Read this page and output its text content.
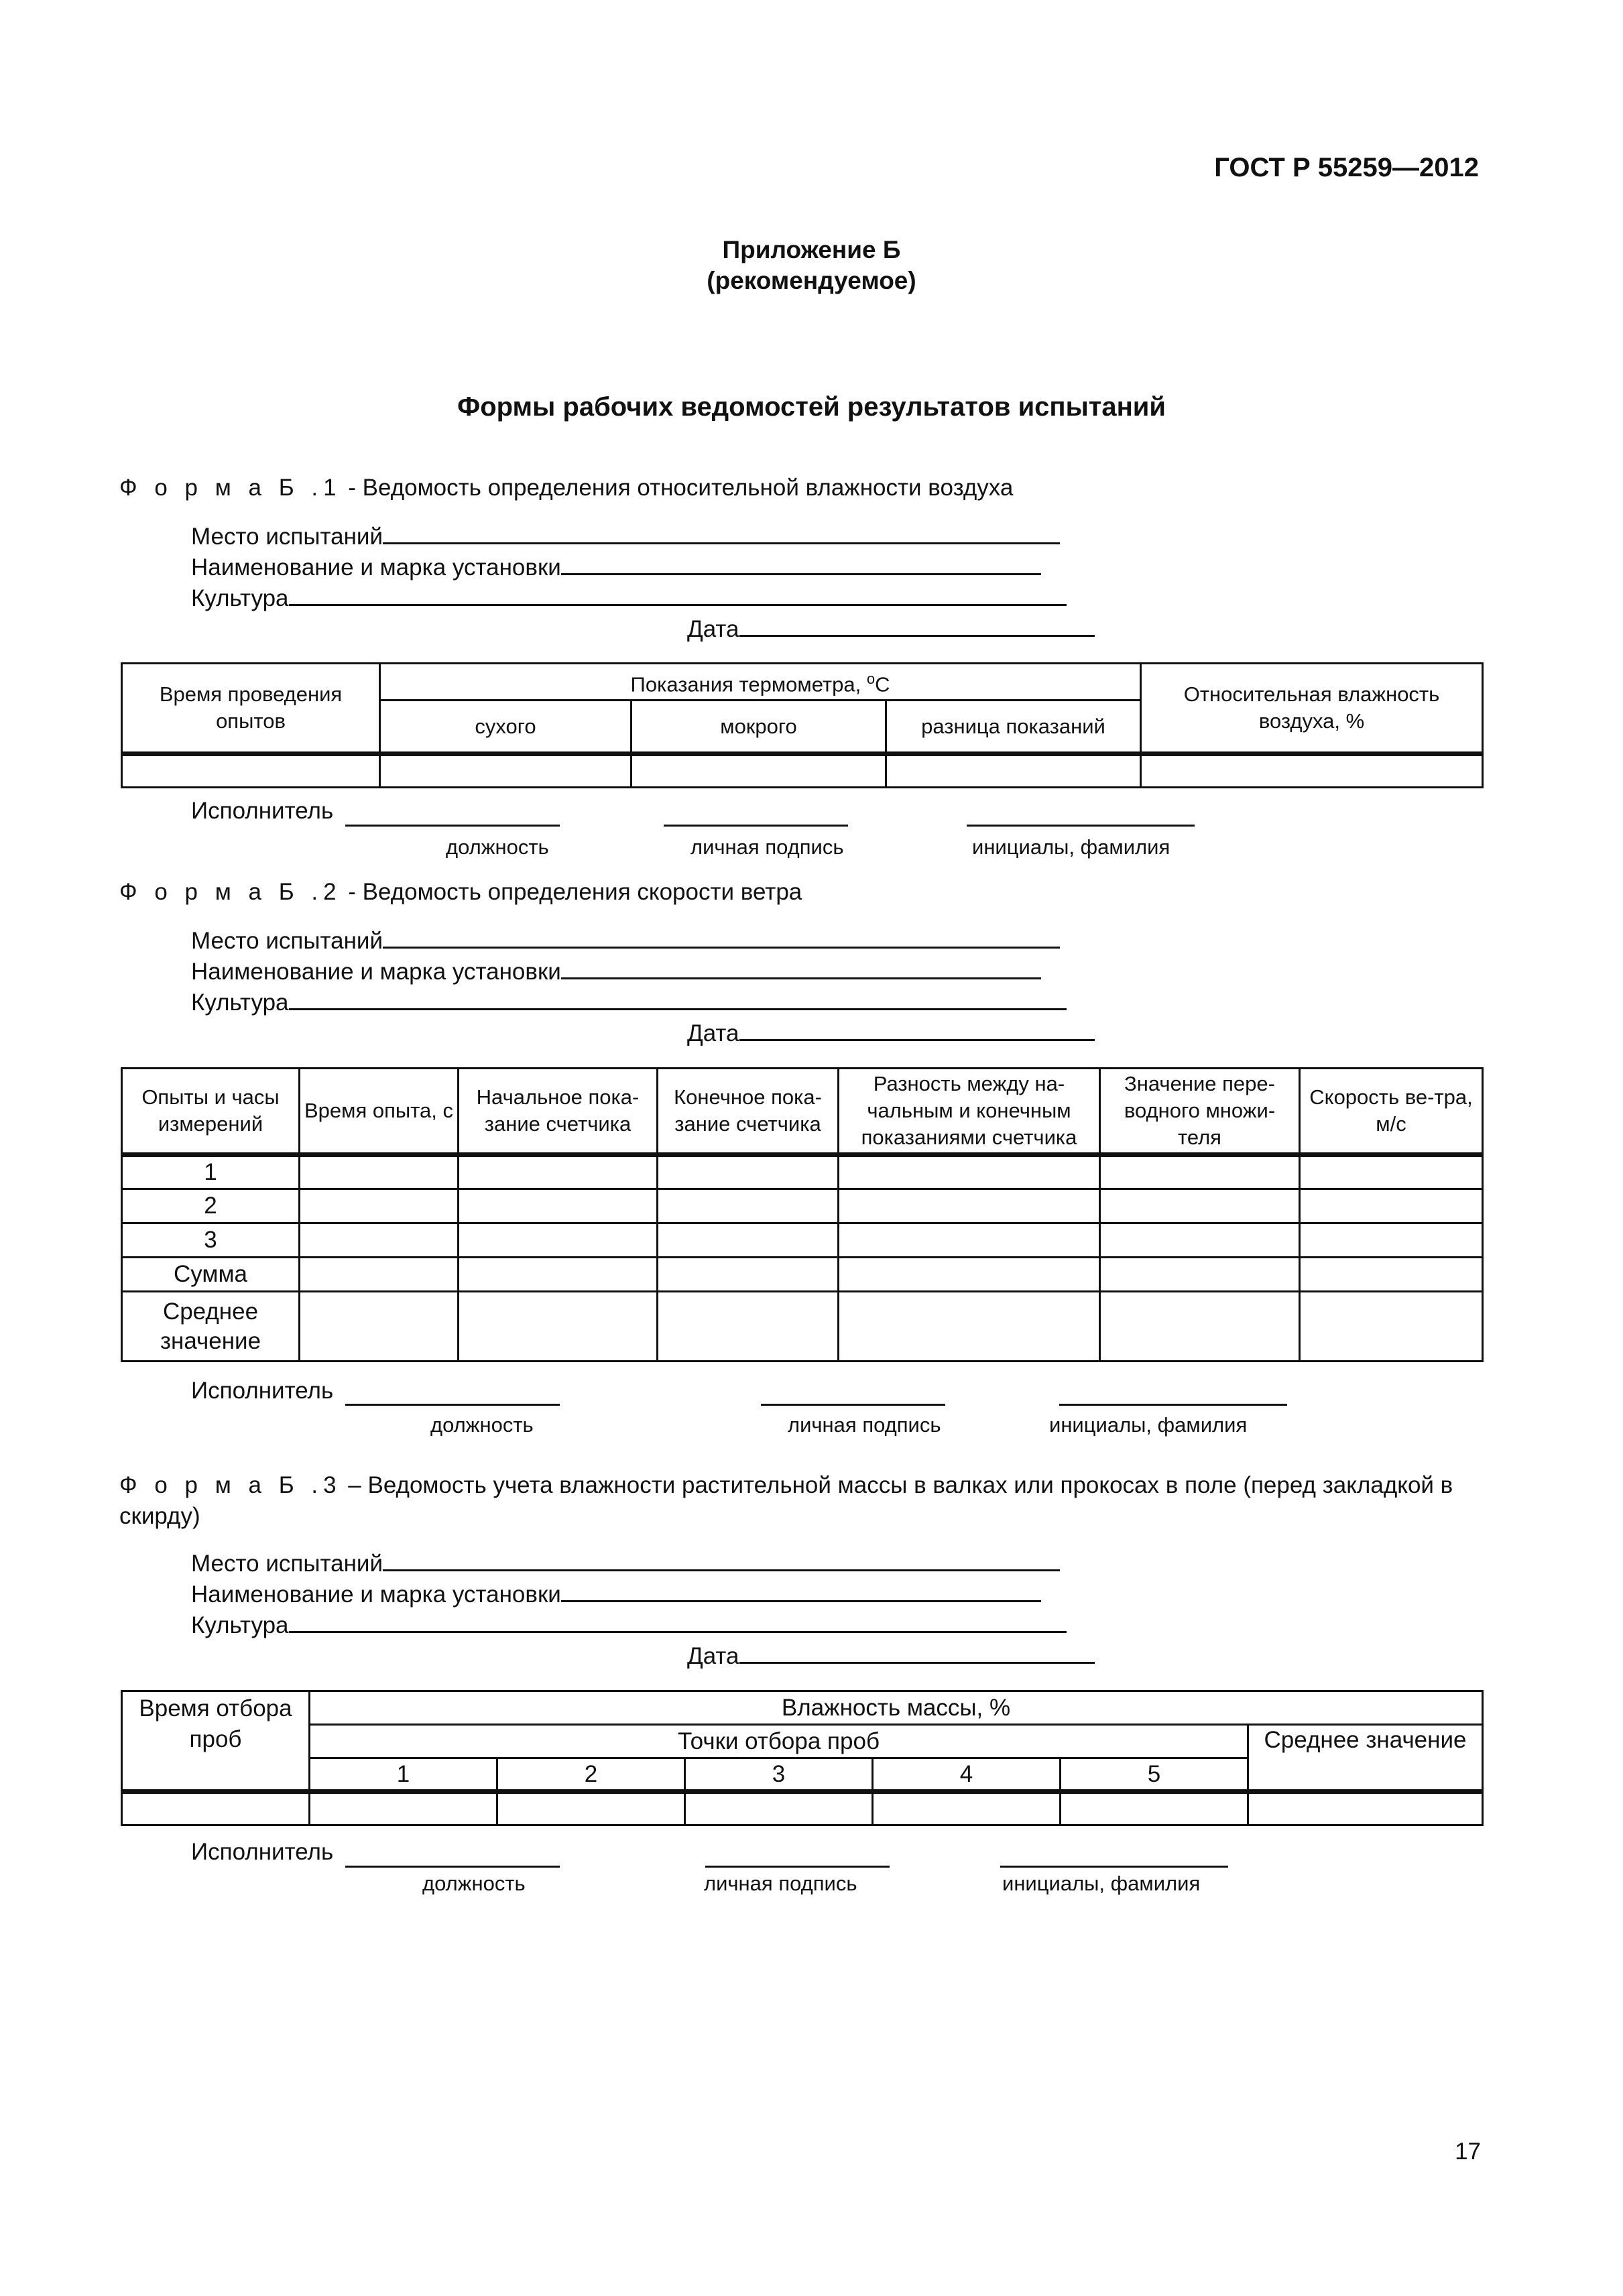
ГОСТ Р 55259—2012
Приложение Б
(рекомендуемое)
Формы рабочих ведомостей результатов испытаний
Ф о р м а Б .1 - Ведомость определения относительной влажности воздуха
Место испытаний
Наименование и марка установки
Культура
Дата
Время проведения опытов	Показания термометра, $^о$С			Относительная влажность воздуха, %
	сухого	мокрого	разница показаний	

Исполнитель
должность	личная подпись	инициалы, фамилия
Ф о р м а Б .2 - Ведомость определения скорости ветра
Место испытаний
Наименование и марка установки
Культура
Дата
Опыты и часы измерений	Время опыта, с	Начальное пока-зание счетчика	Конечное пока-зание счетчика	Разность между на-чальным и конечным показаниями счетчика	Значение пере-водного множи-теля	Скорость ве-тра, м/с
1						
2						
3						
Сумма						
Среднее значение						
Исполнитель
должность	личная подпись	инициалы, фамилия
Ф о р м а Б .3 – Ведомость учета влажности растительной массы в валках или прокосах в поле (перед закладкой в скирду)
Место испытаний
Наименование и марка установки
Культура
Дата
Время отбора проб	Влажность массы, %					
	Точки отбора проб					Среднее значение
	1	2	3	4	5	

Исполнитель
должность	личная подпись	инициалы, фамилия
17
